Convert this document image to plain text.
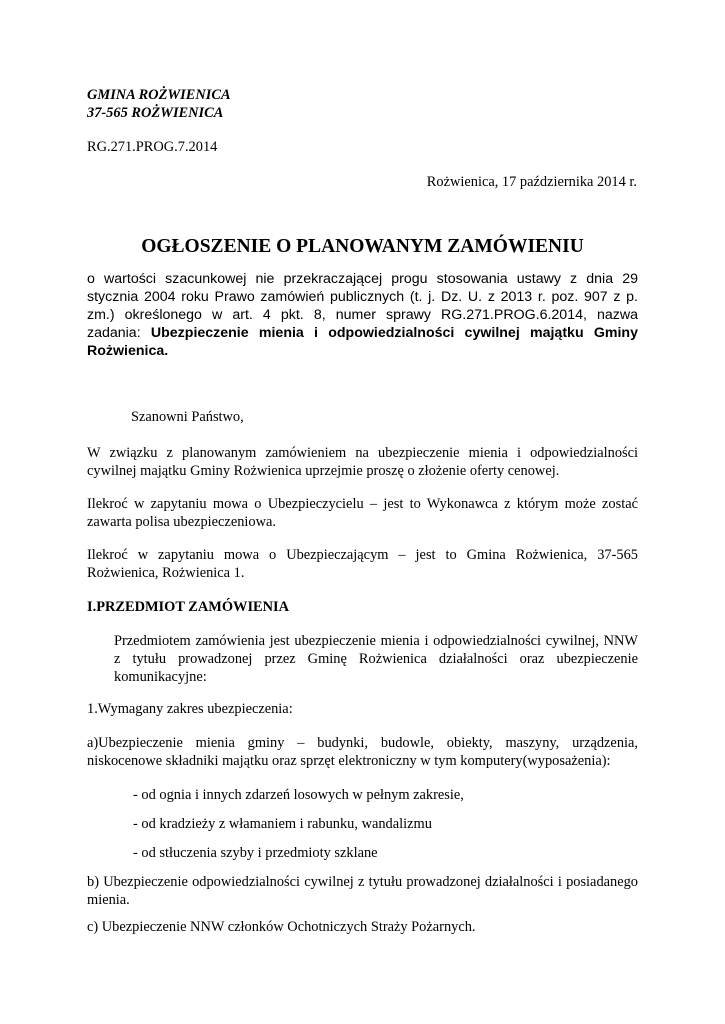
GMINA ROŻWIENICA
37-565 ROŻWIENICA
RG.271.PROG.7.2014
Rożwienica, 17 października 2014 r.
OGŁOSZENIE O PLANOWANYM ZAMÓWIENIU
o wartości szacunkowej nie przekraczającej progu stosowania ustawy z dnia 29
stycznia 2004 roku Prawo zamówień publicznych (t. j. Dz. U. z 2013 r. poz. 907 z p.
zm.) określonego w art. 4 pkt. 8, numer sprawy RG.271.PROG.6.2014, nazwa
zadania: Ubezpieczenie mienia i odpowiedzialności cywilnej majątku Gminy
Rożwienica.
Szanowni Państwo,
W związku z planowanym zamówieniem na ubezpieczenie mienia i odpowiedzialności
cywilnej majątku Gminy Rożwienica uprzejmie proszę o złożenie oferty cenowej.
Ilekroć w zapytaniu mowa o Ubezpieczycielu – jest to Wykonawca z którym może zostać
zawarta polisa ubezpieczeniowa.
Ilekroć w zapytaniu mowa o Ubezpieczającym – jest to Gmina Rożwienica, 37-565
Rożwienica, Rożwienica 1.
I.PRZEDMIOT ZAMÓWIENIA
Przedmiotem zamówienia jest ubezpieczenie mienia i odpowiedzialności cywilnej, NNW
z tytułu prowadzonej przez Gminę Rożwienica działalności oraz ubezpieczenie
komunikacyjne:
1.Wymagany zakres ubezpieczenia:
a)Ubezpieczenie mienia gminy – budynki, budowle, obiekty, maszyny, urządzenia,
niskocenowe składniki majątku oraz sprzęt elektroniczny w tym komputery(wyposażenia):
- od ognia i innych zdarzeń losowych w pełnym zakresie,
- od kradzieży z włamaniem i rabunku, wandalizmu
- od stłuczenia szyby i przedmioty szklane
b) Ubezpieczenie odpowiedzialności cywilnej z tytułu prowadzonej działalności i posiadanego
mienia.
c) Ubezpieczenie NNW członków Ochotniczych Straży Pożarnych.
